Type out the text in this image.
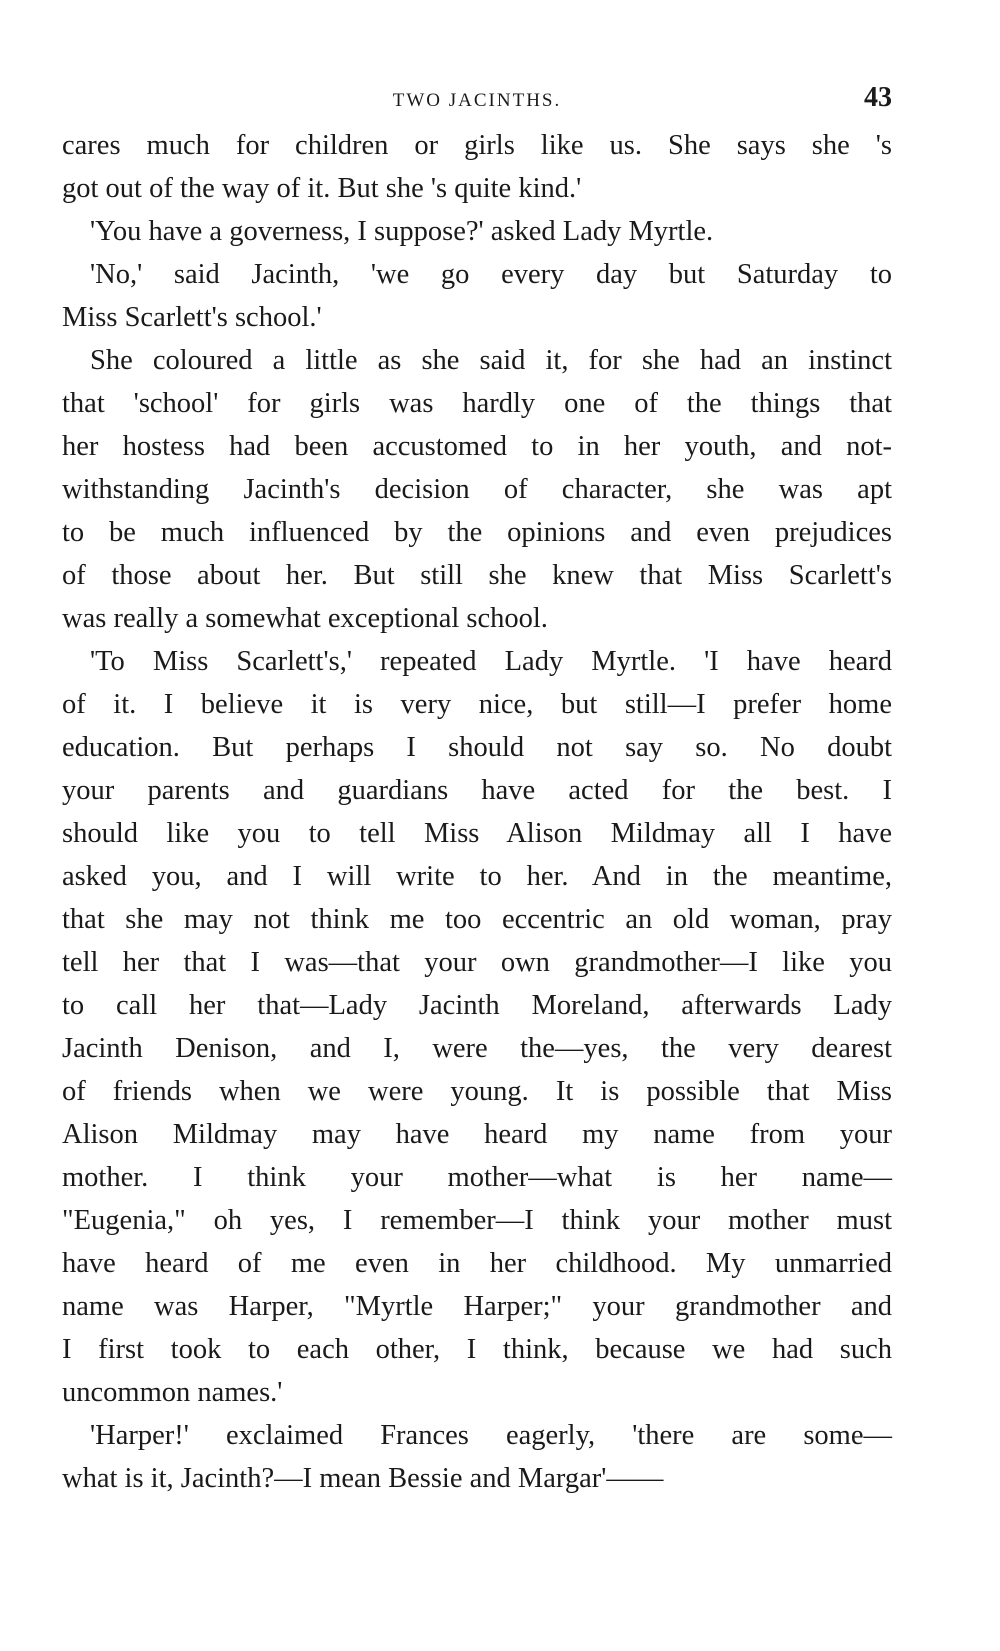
TWO JACINTHS.	43
cares much for children or girls like us. She says she 's
got out of the way of it. But she 's quite kind.'
'You have a governess, I suppose?' asked Lady Myrtle.
'No,' said Jacinth, 'we go every day but Saturday to
Miss Scarlett's school.'
She coloured a little as she said it, for she had an instinct
that 'school' for girls was hardly one of the things that
her hostess had been accustomed to in her youth, and not-
withstanding Jacinth's decision of character, she was apt
to be much influenced by the opinions and even prejudices
of those about her. But still she knew that Miss Scarlett's
was really a somewhat exceptional school.
'To Miss Scarlett's,' repeated Lady Myrtle. 'I have heard
of it. I believe it is very nice, but still—I prefer home
education. But perhaps I should not say so. No doubt
your parents and guardians have acted for the best. I
should like you to tell Miss Alison Mildmay all I have
asked you, and I will write to her. And in the meantime,
that she may not think me too eccentric an old woman, pray
tell her that I was—that your own grandmother—I like you
to call her that—Lady Jacinth Moreland, afterwards Lady
Jacinth Denison, and I, were the—yes, the very dearest
of friends when we were young. It is possible that Miss
Alison Mildmay may have heard my name from your
mother. I think your mother—what is her name—
"Eugenia," oh yes, I remember—I think your mother must
have heard of me even in her childhood. My unmarried
name was Harper, "Myrtle Harper;" your grandmother and
I first took to each other, I think, because we had such
uncommon names.'
'Harper!' exclaimed Frances eagerly, 'there are some—
what is it, Jacinth?—I mean Bessie and Margar'——
